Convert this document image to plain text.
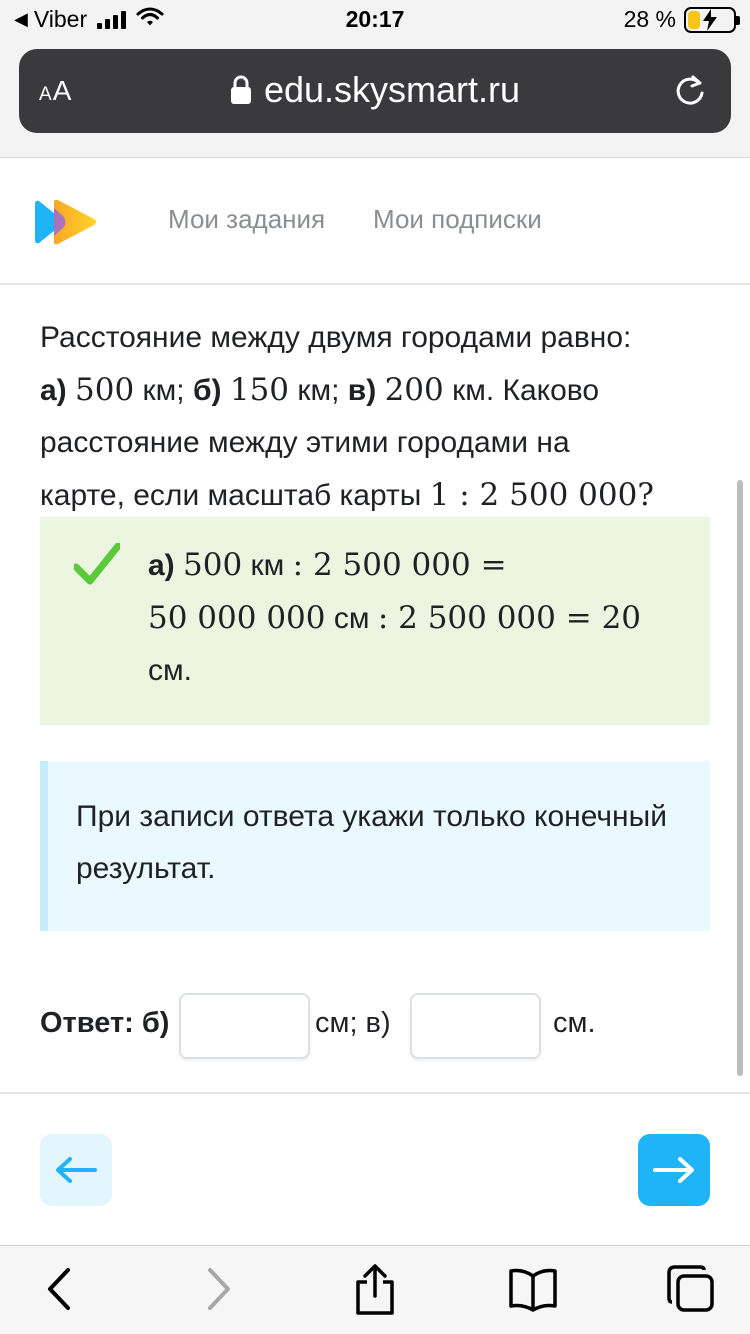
◀ Viber	20:17	28 %
AA	edu.skysmart.ru
Мои задания Мои подписки
Расстояние между двумя городами равно:
а) 500 км; б) 150 км; в) 200 км. Каково
расстояние между этими городами на
карте, если масштаб карты 1 : 2 500 000?
а) 500 км : 2 500 000 =
50 000 000 см : 2 500 000 = 20
см.
При записи ответа укажи только конечный результат.
Ответ: б)	см; в)	см.
